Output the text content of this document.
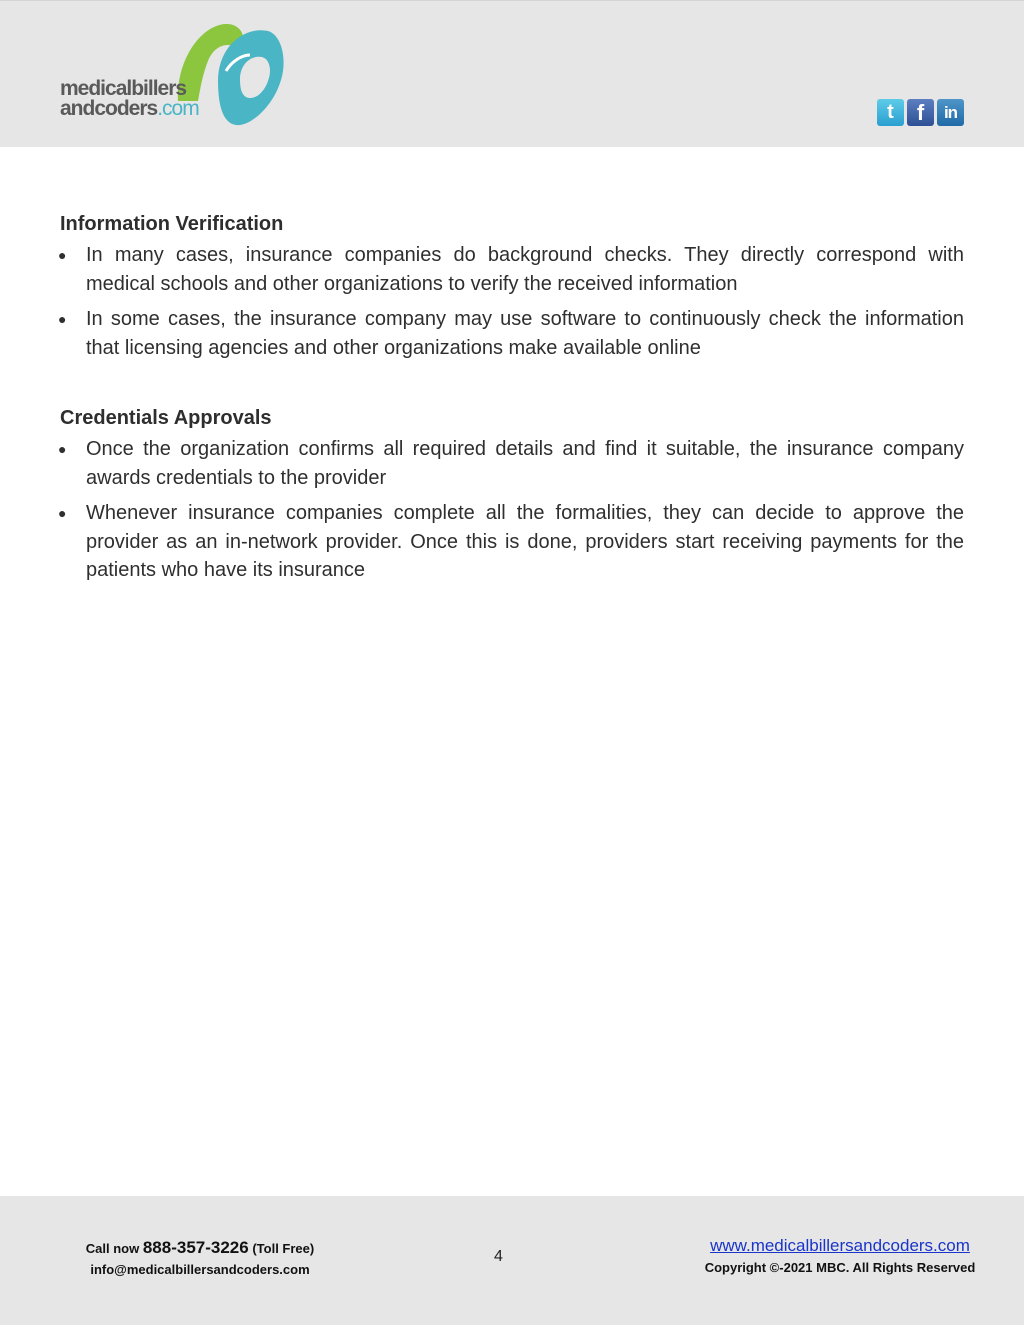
medicalbillers
andcoders.com	t	f	in
Information Verification
● In many cases, insurance companies do background checks. They directly correspond with medical schools and other organizations to verify the received information
● In some cases, the insurance company may use software to continuously check the information that licensing agencies and other organizations make available online
Credentials Approvals
● Once the organization confirms all required details and find it suitable, the insurance company awards credentials to the provider
● Whenever insurance companies complete all the formalities, they can decide to approve the provider as an in-network provider. Once this is done, providers start receiving payments for the patients who have its insurance
Call now 888-357-3226 (Toll Free)
info@medicalbillersandcoders.com
4
www.medicalbillersandcoders.com
Copyright ©-2021 MBC. All Rights Reserved
